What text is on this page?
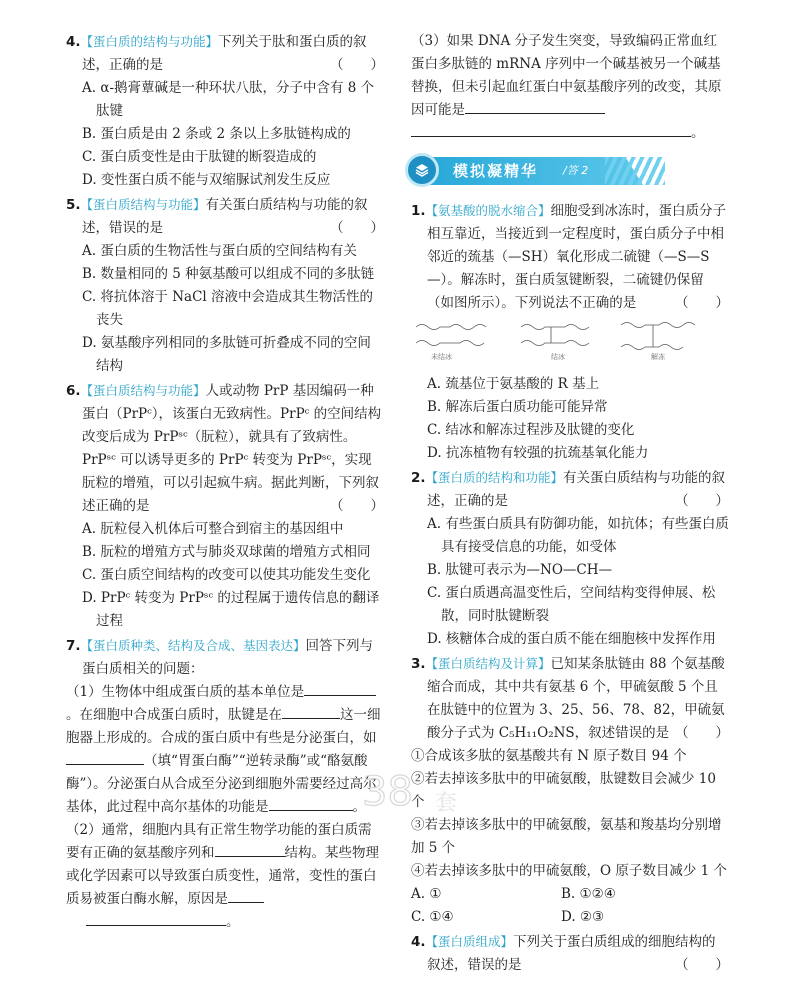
4.【蛋白质的结构与功能】下列关于肽和蛋白质的叙述，正确的是	（　　）
A. α-鹅膏蕈碱是一种环状八肽，分子中含有 8 个肽键
B. 蛋白质是由 2 条或 2 条以上多肽链构成的
C. 蛋白质变性是由于肽键的断裂造成的
D. 变性蛋白质不能与双缩脲试剂发生反应
5.【蛋白质结构与功能】有关蛋白质结构与功能的叙述，错误的是	（　　）
A. 蛋白质的生物活性与蛋白质的空间结构有关
B. 数量相同的 5 种氨基酸可以组成不同的多肽链
C. 将抗体溶于 NaCl 溶液中会造成其生物活性的丧失
D. 氨基酸序列相同的多肽链可折叠成不同的空间结构
6.【蛋白质结构与功能】人或动物 PrP 基因编码一种蛋白（PrPᶜ），该蛋白无致病性。PrPᶜ 的空间结构改变后成为 PrPˢᶜ（朊粒），就具有了致病性。PrPˢᶜ 可以诱导更多的 PrPᶜ 转变为 PrPˢᶜ，实现朊粒的增殖，可以引起疯牛病。据此判断，下列叙述正确的是	（　　）
A. 朊粒侵入机体后可整合到宿主的基因组中
B. 朊粒的增殖方式与肺炎双球菌的增殖方式相同
C. 蛋白质空间结构的改变可以使其功能发生变化
D. PrPᶜ 转变为 PrPˢᶜ 的过程属于遗传信息的翻译过程
7.【蛋白质种类、结构及合成、基因表达】回答下列与蛋白质相关的问题：
（1）生物体中组成蛋白质的基本单位是。在细胞中合成蛋白质时，肽键是在	这一细胞器上形成的。合成的蛋白质中有些是分泌蛋白，如（填“胃蛋白酶”“逆转录酶”或“酪氨酸酶”）。分泌蛋白从合成至分泌到细胞外需要经过高尔基体，此过程中高尔基体的功能是	。
（2）通常，细胞内具有正常生物学功能的蛋白质需要有正确的氨基酸序列和	结构。某些物理或化学因素可以导致蛋白质变性，通常，变性的蛋白质易被蛋白酶水解，原因是。
（3）如果 DNA 分子发生突变，导致编码正常血红蛋白多肽链的 mRNA 序列中一个碱基被另一个碱基替换，但未引起血红蛋白中氨基酸序列的改变，其原因可能是。
模拟凝精华 /答 2
1.【氨基酸的脱水缩合】细胞受到冰冻时，蛋白质分子相互靠近，当接近到一定程度时，蛋白质分子中相邻近的巯基（—SH）氧化形成二硫键（—S—S—）。解冻时，蛋白质氢键断裂，二硫键仍保留（如图所示）。下列说法不正确的是	（　　）
未结冰	结冰	解冻
A. 巯基位于氨基酸的 R 基上
B. 解冻后蛋白质功能可能异常
C. 结冰和解冻过程涉及肽键的变化
D. 抗冻植物有较强的抗巯基氧化能力
2.【蛋白质的结构和功能】有关蛋白质结构与功能的叙述，正确的是	（　　）
A. 有些蛋白质具有防御功能，如抗体；有些蛋白质具有接受信息的功能，如受体
B. 肽键可表示为—NO—CH—
C. 蛋白质遇高温变性后，空间结构变得伸展、松散，同时肽键断裂
D. 核糖体合成的蛋白质不能在细胞核中发挥作用
3.【蛋白质结构及计算】已知某条肽链由 88 个氨基酸缩合而成，其中共有氨基 6 个，甲硫氨酸 5 个且在肽链中的位置为 3、25、56、78、82，甲硫氨酸分子式为 C₅H₁₁O₂NS，叙述错误的是 （　　）
①合成该多肽的氨基酸共有 N 原子数目 94 个
②若去掉该多肽中的甲硫氨酸，肽键数目会减少 10 个
③若去掉该多肽中的甲硫氨酸，氨基和羧基均分别增加 5 个
④若去掉该多肽中的甲硫氨酸，O 原子数目减少 1 个
A. ①	B. ①②④
C. ①④	D. ②③
4.【蛋白质组成】下列关于蛋白质组成的细胞结构的叙述，错误的是	（　　）
38 套
